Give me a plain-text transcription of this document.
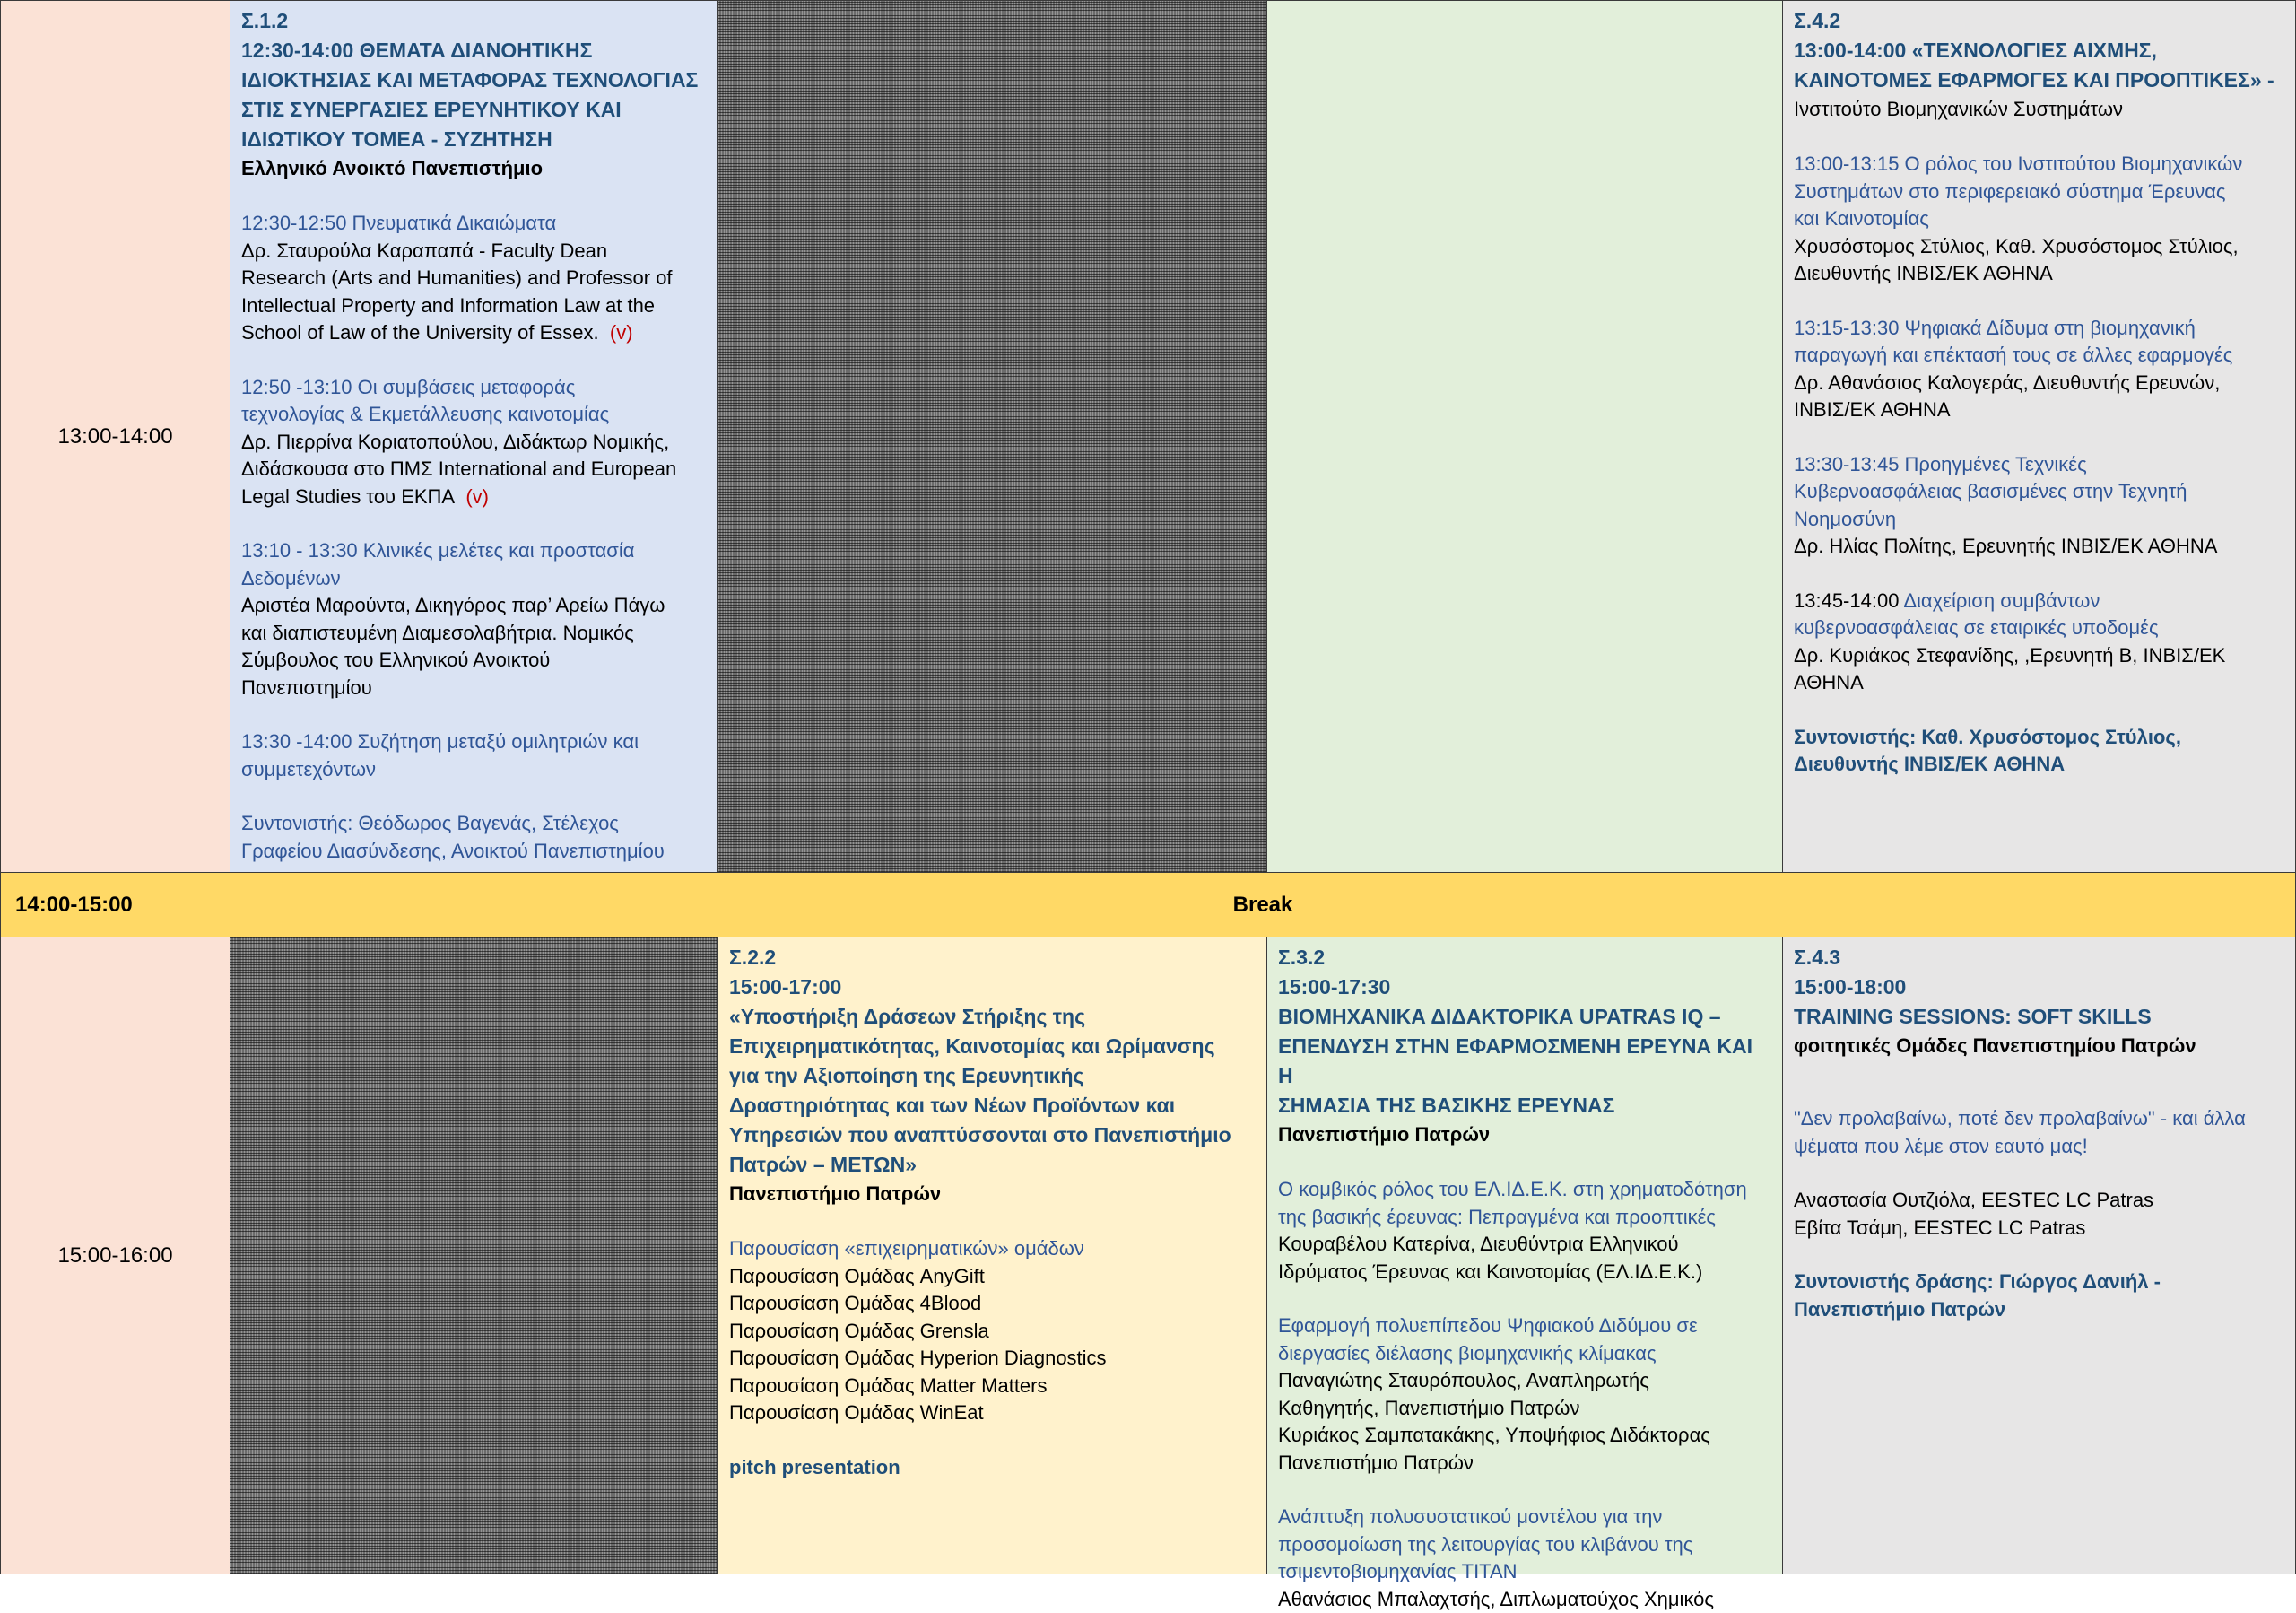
13:00-14:00
Σ.1.2
12:30-14:00 ΘΕΜΑΤΑ ΔΙΑΝΟΗΤΙΚΗΣ
ΙΔΙΟΚΤΗΣΙΑΣ ΚΑΙ ΜΕΤΑΦΟΡΑΣ ΤΕΧΝΟΛΟΓΙΑΣ
ΣΤΙΣ ΣΥΝΕΡΓΑΣΙΕΣ ΕΡΕΥΝΗΤΙΚΟΥ ΚΑΙ
ΙΔΙΩΤΙΚΟΥ ΤΟΜΕΑ - ΣΥΖΗΤΗΣΗ
Ελληνικό Ανοικτό Πανεπιστήμιο
12:30-12:50 Πνευματικά Δικαιώματα
Δρ. Σταυρούλα Καραπαπά - Faculty Dean
Research (Arts and Humanities) and Professor of
Intellectual Property and Information Law at the
School of Law of the University of Essex. (v)
12:50 -13:10 Οι συμβάσεις μεταφοράς
τεχνολογίας & Εκμετάλλευσης καινοτομίας
Δρ. Πιερρίνα Κοριατοπούλου, Διδάκτωρ Νομικής,
Διδάσκουσα στο ΠΜΣ International and European
Legal Studies του ΕΚΠΑ (v)
13:10 - 13:30 Κλινικές μελέτες και προστασία
Δεδομένων
Αριστέα Μαρούντα, Δικηγόρος παρ’ Αρείω Πάγω
και διαπιστευμένη Διαμεσολαβήτρια. Νομικός
Σύμβουλος του Ελληνικού Ανοικτού
Πανεπιστημίου
13:30 -14:00 Συζήτηση μεταξύ ομιλητριών και
συμμετεχόντων
Συντονιστής: Θεόδωρος Βαγενάς, Στέλεχος
Γραφείου Διασύνδεσης, Ανοικτού Πανεπιστημίου
Σ.4.2
13:00-14:00 «ΤΕΧΝΟΛΟΓΙΕΣ ΑΙΧΜΗΣ,
ΚΑΙΝΟΤΟΜΕΣ ΕΦΑΡΜΟΓΕΣ ΚΑΙ ΠΡΟΟΠΤΙΚΕΣ» -
Ινστιτούτο Βιομηχανικών Συστημάτων
13:00-13:15 Ο ρόλος του Ινστιτούτου Βιομηχανικών
Συστημάτων στο περιφερειακό σύστημα Έρευνας
και Καινοτομίας
Χρυσόστομος Στύλιος, Καθ. Χρυσόστομος Στύλιος,
Διευθυντής ΙΝΒΙΣ/ΕΚ ΑΘΗΝΑ
13:15-13:30 Ψηφιακά Δίδυμα στη βιομηχανική
παραγωγή και επέκτασή τους σε άλλες εφαρμογές
Δρ. Αθανάσιος Καλογεράς, Διευθυντής Ερευνών,
ΙΝΒΙΣ/ΕΚ ΑΘΗΝΑ
13:30-13:45 Προηγμένες Τεχνικές
Κυβερνοασφάλειας βασισμένες στην Τεχνητή
Νοημοσύνη
Δρ. Ηλίας Πολίτης, Ερευνητής ΙΝΒΙΣ/ΕΚ ΑΘΗΝΑ
13:45-14:00 Διαχείριση συμβάντων
κυβερνοασφάλειας σε εταιρικές υποδομές
Δρ. Κυριάκος Στεφανίδης, ,Ερευνητή Β, ΙΝΒΙΣ/ΕΚ
ΑΘΗΝΑ
Συντονιστής: Καθ. Χρυσόστομος Στύλιος,
Διευθυντής ΙΝΒΙΣ/ΕΚ ΑΘΗΝΑ
14:00-15:00	Break
15:00-16:00
Σ.2.2
15:00-17:00
«Υποστήριξη Δράσεων Στήριξης της
Επιχειρηματικότητας, Καινοτομίας και Ωρίμανσης
για την Αξιοποίηση της Ερευνητικής
Δραστηριότητας και των Νέων Προϊόντων και
Υπηρεσιών που αναπτύσσονται στο Πανεπιστήμιο
Πατρών – ΜΕΤΩΝ»
Πανεπιστήμιο Πατρών
Παρουσίαση «επιχειρηματικών» ομάδων
Παρουσίαση Ομάδας AnyGift
Παρουσίαση Ομάδας 4Blood
Παρουσίαση Ομάδας Grensla
Παρουσίαση Ομάδας Hyperion Diagnostics
Παρουσίαση Ομάδας Matter Matters
Παρουσίαση Ομάδας WinEat
pitch presentation
Σ.3.2
15:00-17:30
ΒΙΟΜΗΧΑΝΙΚΑ ΔΙΔΑΚΤΟΡΙΚΑ UPATRAS IQ –
ΕΠΕΝΔΥΣΗ ΣΤΗΝ ΕΦΑΡΜΟΣΜΕΝΗ ΕΡΕΥΝΑ ΚΑΙ Η
ΣΗΜΑΣΙΑ ΤΗΣ ΒΑΣΙΚΗΣ ΕΡΕΥΝΑΣ
Πανεπιστήμιο Πατρών
Ο κομβικός ρόλος του ΕΛ.ΙΔ.Ε.Κ. στη χρηματοδότηση
της βασικής έρευνας: Πεπραγμένα και προοπτικές
Κουραβέλου Κατερίνα, Διευθύντρια Ελληνικού
Ιδρύματος Έρευνας και Καινοτομίας (ΕΛ.ΙΔ.Ε.Κ.)
Εφαρμογή πολυεπίπεδου Ψηφιακού Διδύμου σε
διεργασίες διέλασης βιομηχανικής κλίμακας
Παναγιώτης Σταυρόπουλος, Αναπληρωτής
Καθηγητής, Πανεπιστήμιο Πατρών
Κυριάκος Σαμπατακάκης, Υποψήφιος Διδάκτορας
Πανεπιστήμιο Πατρών
Ανάπτυξη πολυσυστατικού μοντέλου για την
προσομοίωση της λειτουργίας του κλιβάνου της
τσιμεντοβιομηχανίας TITAN
Αθανάσιος Μπαλαχτσής, Διπλωματούχος Χημικός
Σ.4.3
15:00-18:00
TRAINING SESSIONS: SOFT SKILLS
φοιτητικές Ομάδες Πανεπιστημίου Πατρών
"Δεν προλαβαίνω, ποτέ δεν προλαβαίνω" - και άλλα
ψέματα που λέμε στον εαυτό μας!
Αναστασία Ουτζιόλα, EESTEC LC Patras
Εβίτα Τσάμη, EESTEC LC Patras
Συντονιστής δράσης: Γιώργος Δανιήλ -
Πανεπιστήμιο Πατρών
